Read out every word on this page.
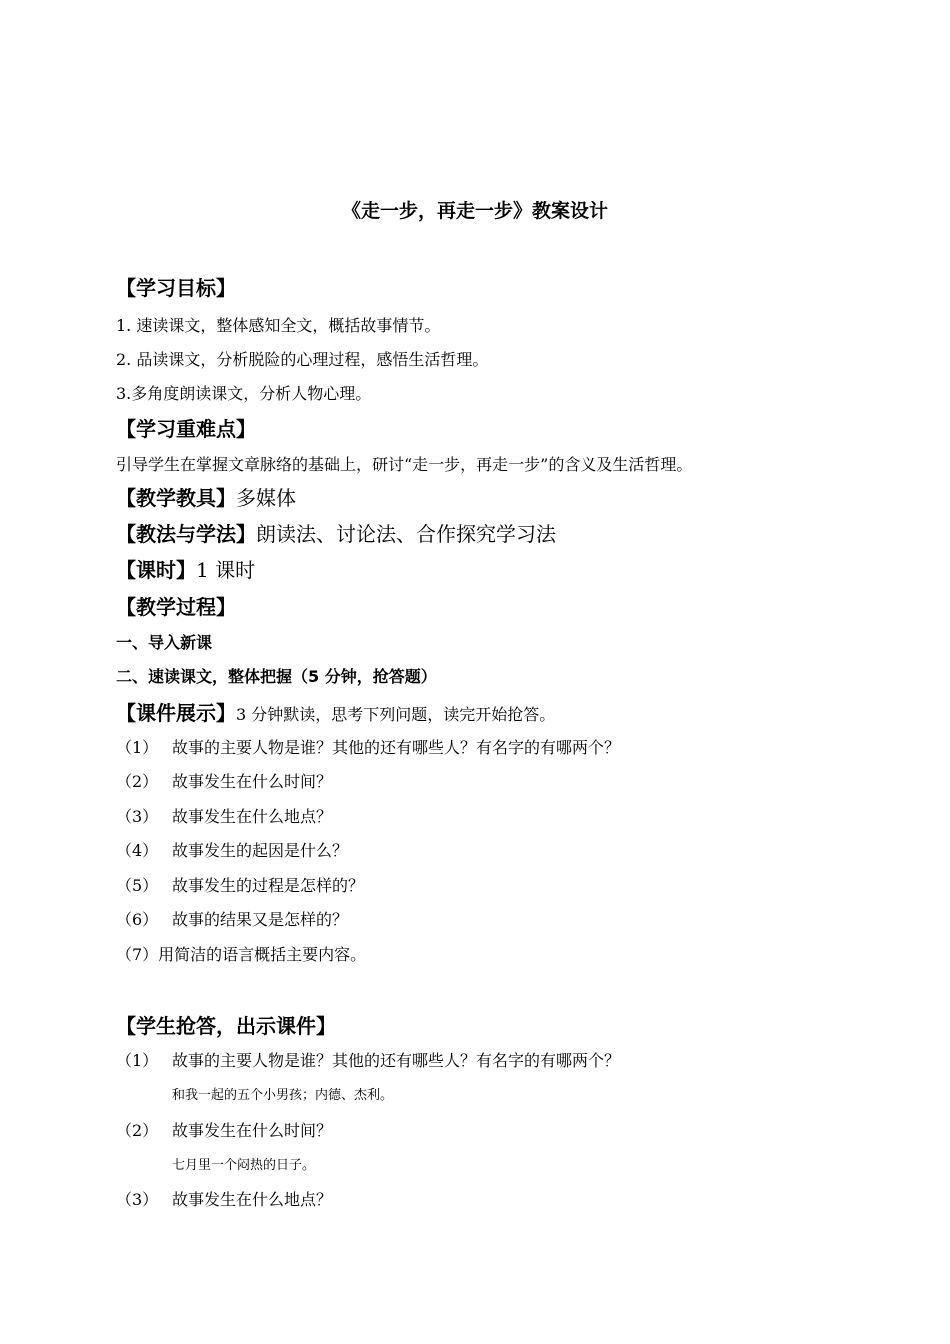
《走一步，再走一步》教案设计
【学习目标】
1. 速读课文，整体感知全文，概括故事情节。
2. 品读课文，分析脱险的心理过程，感悟生活哲理。
3.多角度朗读课文，分析人物心理。
【学习重难点】
引导学生在掌握文章脉络的基础上，研讨“走一步，再走一步”的含义及生活哲理。
【教学教具】多媒体
【教法与学法】朗读法、讨论法、合作探究学习法
【课时】1 课时
【教学过程】
一、导入新课
二、速读课文，整体把握（5 分钟，抢答题）
【课件展示】3 分钟默读，思考下列问题，读完开始抢答。
（1） 故事的主要人物是谁？其他的还有哪些人？有名字的有哪两个？
（2） 故事发生在什么时间？
（3） 故事发生在什么地点？
（4） 故事发生的起因是什么？
（5） 故事发生的过程是怎样的？
（6） 故事的结果又是怎样的？
（7）用简洁的语言概括主要内容。
【学生抢答，出示课件】
（1） 故事的主要人物是谁？其他的还有哪些人？有名字的有哪两个？
和我一起的五个小男孩；内德、杰利。
（2） 故事发生在什么时间？
七月里一个闷热的日子。
（3） 故事发生在什么地点？
